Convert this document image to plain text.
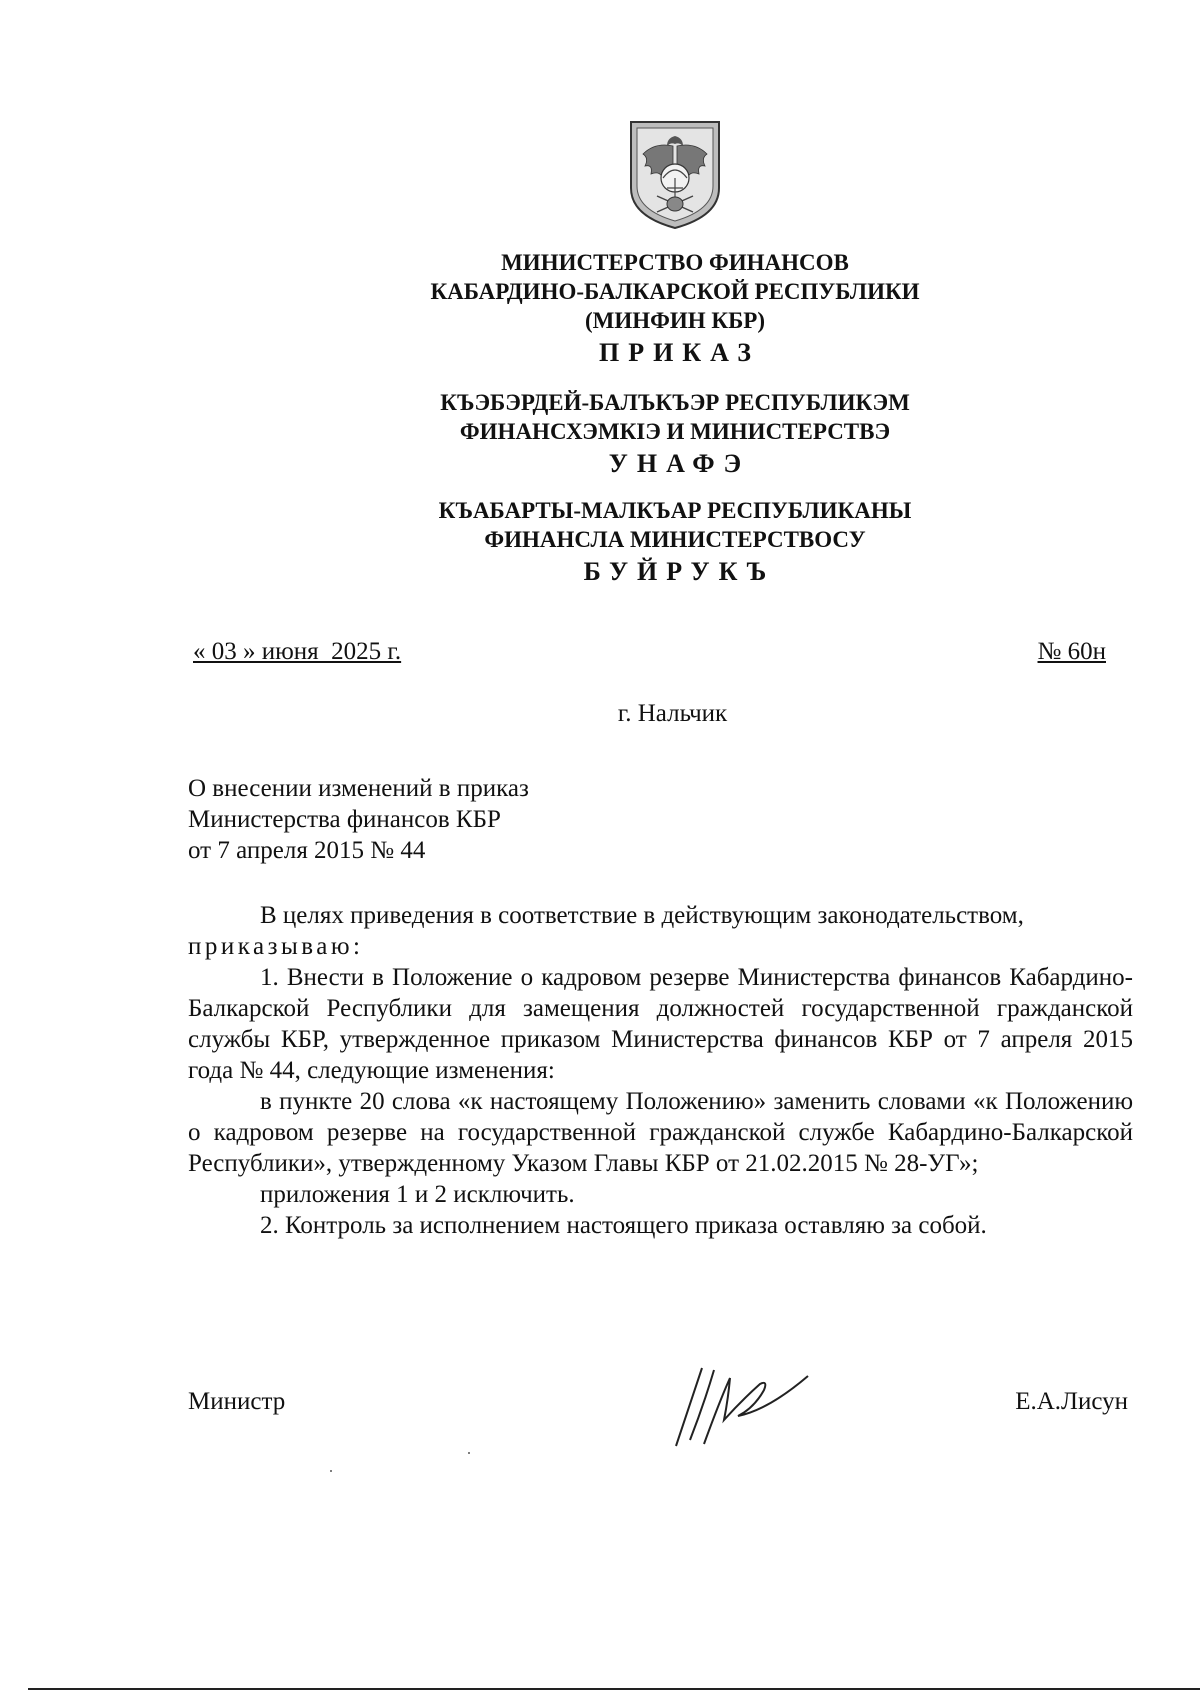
МИНИСТЕРСТВО ФИНАНСОВ
КАБАРДИНО-БАЛКАРСКОЙ РЕСПУБЛИКИ
(МИНФИН КБР)
ПРИКАЗ
КЪЭБЭРДЕЙ-БАЛЪКЪЭР РЕСПУБЛИКЭМ
ФИНАНСХЭМКIЭ И МИНИСТЕРСТВЭ
УНАФЭ
КЪАБАРТЫ-МАЛКЪАР РЕСПУБЛИКАНЫ
ФИНАНСЛА МИНИСТЕРСТВОСУ
БУЙРУКЪ
« 03 » июня  2025 г.	№ 60н
г. Нальчик
О внесении изменений в приказ
Министерства финансов КБР
от 7 апреля 2015 № 44
В целях приведения в соответствие в действующим законодательством,
приказываю:
1. Внести в Положение о кадровом резерве Министерства финансов Кабардино-Балкарской Республики для замещения должностей государственной гражданской службы КБР, утвержденное приказом Министерства финансов КБР от 7 апреля 2015 года № 44, следующие изменения:
в пункте 20 слова «к настоящему Положению» заменить словами «к Положению о кадровом резерве на государственной гражданской службе Кабардино-Балкарской Республики», утвержденному Указом Главы КБР от 21.02.2015 № 28-УГ»;
приложения 1 и 2 исключить.
2. Контроль за исполнением настоящего приказа оставляю за собой.
Министр	Е.А.Лисун
